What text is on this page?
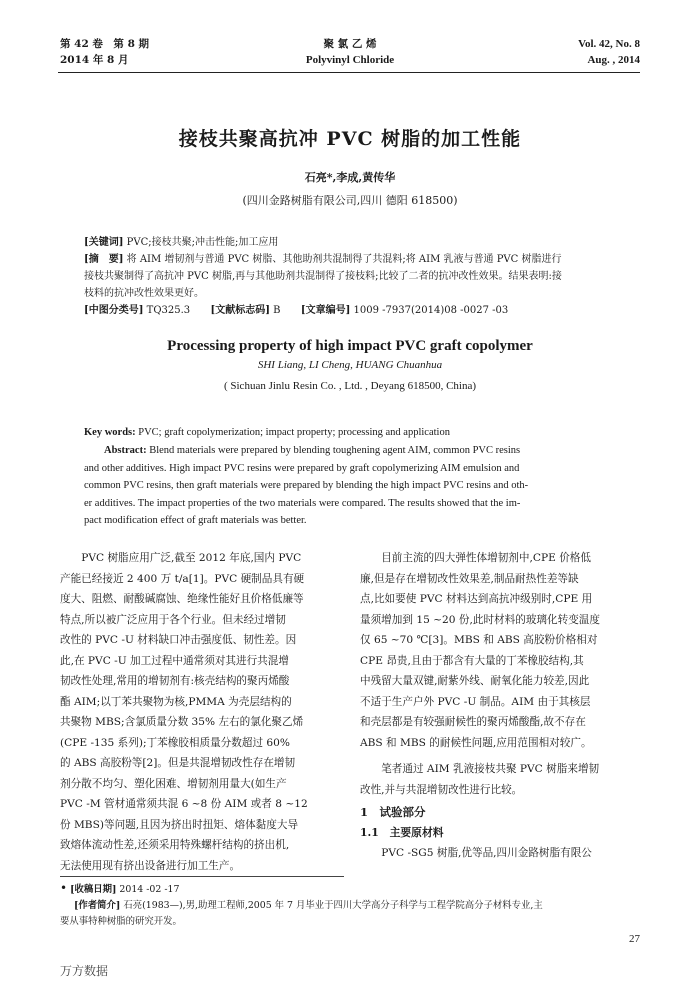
第 42 卷　第 8 期
2014 年 8 月
聚 氯 乙 烯
Polyvinyl Chloride
Vol. 42, No. 8
Aug. , 2014
接枝共聚高抗冲 PVC 树脂的加工性能
石亮*,李成,黄传华
(四川金路树脂有限公司,四川 德阳 618500)
[关键词] PVC;接枝共聚;冲击性能;加工应用
[摘　要] 将 AIM 增韧剂与普通 PVC 树脂、其他助剂共混制得了共混料;将 AIM 乳液与普通 PVC 树脂进行
接枝共聚制得了高抗冲 PVC 树脂,再与其他助剂共混制得了接枝料;比较了二者的抗冲改性效果。结果表明:接
枝料的抗冲改性效果更好。
[中图分类号] TQ325.3 [文献标志码] B [文章编号] 1009 -7937(2014)08 -0027 -03
Processing property of high impact PVC graft copolymer
SHI Liang, LI Cheng, HUANG Chuanhua
( Sichuan Jinlu Resin Co. , Ltd. , Deyang 618500, China)
Key words: PVC; graft copolymerization; impact property; processing and application
Abstract: Blend materials were prepared by blending toughening agent AIM, common PVC resins
and other additives. High impact PVC resins were prepared by graft copolymerizing AIM emulsion and
common PVC resins, then graft materials were prepared by blending the high impact PVC resins and oth-
er additives. The impact properties of the two materials were compared. The results showed that the im-
pact modification effect of graft materials was better.
PVC 树脂应用广泛,截至 2012 年底,国内 PVC
产能已经接近 2 400 万 t/a[1]。PVC 硬制品具有硬
度大、阻燃、耐酸碱腐蚀、绝缘性能好且价格低廉等
特点,所以被广泛应用于各个行业。但未经过增韧
改性的 PVC -U 材料缺口冲击强度低、韧性差。因
此,在 PVC -U 加工过程中通常须对其进行共混增
韧改性处理,常用的增韧剂有:核壳结构的聚丙烯酸
酯 AIM;以丁苯共聚物为核,PMMA 为壳层结构的
共聚物 MBS;含氯质量分数 35% 左右的氯化聚乙烯
(CPE -135 系列);丁苯橡胶相质量分数超过 60%
的 ABS 高胶粉等[2]。但是共混增韧改性存在增韧
剂分散不均匀、塑化困难、增韧剂用量大(如生产
PVC -M 管材通常须共混 6 ~8 份 AIM 或者 8 ~12
份 MBS)等问题,且因为挤出时扭矩、熔体黏度大导
致熔体流动性差,还须采用特殊螺杆结构的挤出机,
无法使用现有挤出设备进行加工生产。
目前主流的四大弹性体增韧剂中,CPE 价格低
廉,但是存在增韧改性效果差,制品耐热性差等缺
点,比如要使 PVC 材料达到高抗冲级别时,CPE 用
量须增加到 15 ~20 份,此时材料的玻璃化转变温度
仅 65 ~70 ℃[3]。MBS 和 ABS 高胶粉价格相对
CPE 昂贵,且由于都含有大量的丁苯橡胶结构,其
中残留大量双键,耐紫外线、耐氧化能力较差,因此
不适于生产户外 PVC -U 制品。AIM 由于其核层
和壳层都是有较强耐候性的聚丙烯酸酯,故不存在
ABS 和 MBS 的耐候性问题,应用范围相对较广。
笔者通过 AIM 乳液接枝共聚 PVC 树脂来增韧
改性,并与共混增韧改性进行比较。
1　试验部分
1.1　主要原材料
PVC -SG5 树脂,优等品,四川金路树脂有限公
• [收稿日期] 2014 -02 -17
[作者简介] 石亮(1983—),男,助理工程师,2005 年 7 月毕业于四川大学高分子科学与工程学院高分子材料专业,主
要从事特种树脂的研究开发。
27
万方数据
